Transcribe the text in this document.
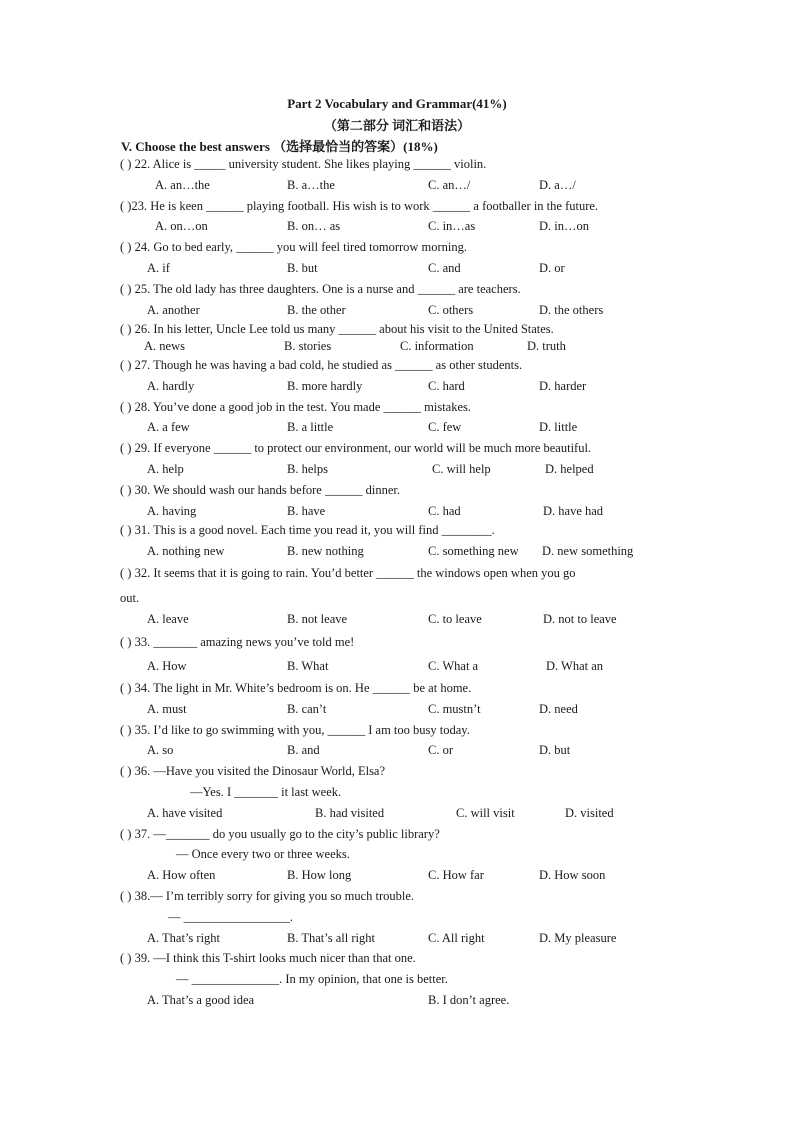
Part 2 Vocabulary and Grammar(41%)
（第二部分 词汇和语法）
V. Choose the best answers （选择最恰当的答案）(18%)
( ) 22. Alice is _____ university student. She likes playing ______ violin.
A. an…the	B. a…the	C. an…/	D. a…/
( )23. He is keen ______ playing football. His wish is to work ______ a footballer in the future.
A. on…on	B. on… as	C. in…as	D. in…on
( ) 24. Go to bed early, ______ you will feel tired tomorrow morning.
A. if	B. but	C. and	D. or
( ) 25. The old lady has three daughters. One is a nurse and ______ are teachers.
A. another	B. the other	C. others	D. the others
( ) 26. In his letter, Uncle Lee told us many ______ about his visit to the United States.
A. news	B. stories	C. information	D. truth
( ) 27. Though he was having a bad cold, he studied as ______ as other students.
A. hardly	B. more hardly	C. hard	D. harder
( ) 28. You’ve done a good job in the test. You made ______ mistakes.
A. a few	B. a little	C. few	D. little
( ) 29. If everyone ______ to protect our environment, our world will be much more beautiful.
A. help	B. helps	C. will help	D. helped
( ) 30. We should wash our hands before ______ dinner.
A. having	B. have	C. had	D. have had
( ) 31. This is a good novel. Each time you read it, you will find ________.
A. nothing new	B. new nothing	C. something new D. new something
( ) 32. It seems that it is going to rain. You’d better ______ the windows open when you go
out.
A. leave	B. not leave	C. to leave	D. not to leave
( ) 33. _______ amazing news you’ve told me!
A. How	B. What	C. What a	D. What an
( ) 34. The light in Mr. White’s bedroom is on. He ______ be at home.
A. must	B. can’t	C. mustn’t	D. need
( ) 35. I’d like to go swimming with you, ______ I am too busy today.
A. so	B. and	C. or	D. but
( ) 36. —Have you visited the Dinosaur World, Elsa?
—Yes. I _______ it last week.
A. have visited	B. had visited	C. will visit	D. visited
( ) 37. —_______ do you usually go to the city’s public library?
— Once every two or three weeks.
A. How often	B. How long	C. How far	D. How soon
( ) 38.— I’m terribly sorry for giving you so much trouble.
— _________________.
A. That’s right	B. That’s all right	C. All right	D. My pleasure
( ) 39. —I think this T-shirt looks much nicer than that one.
— ______________. In my opinion, that one is better.
A. That’s a good idea	B. I don’t agree.
